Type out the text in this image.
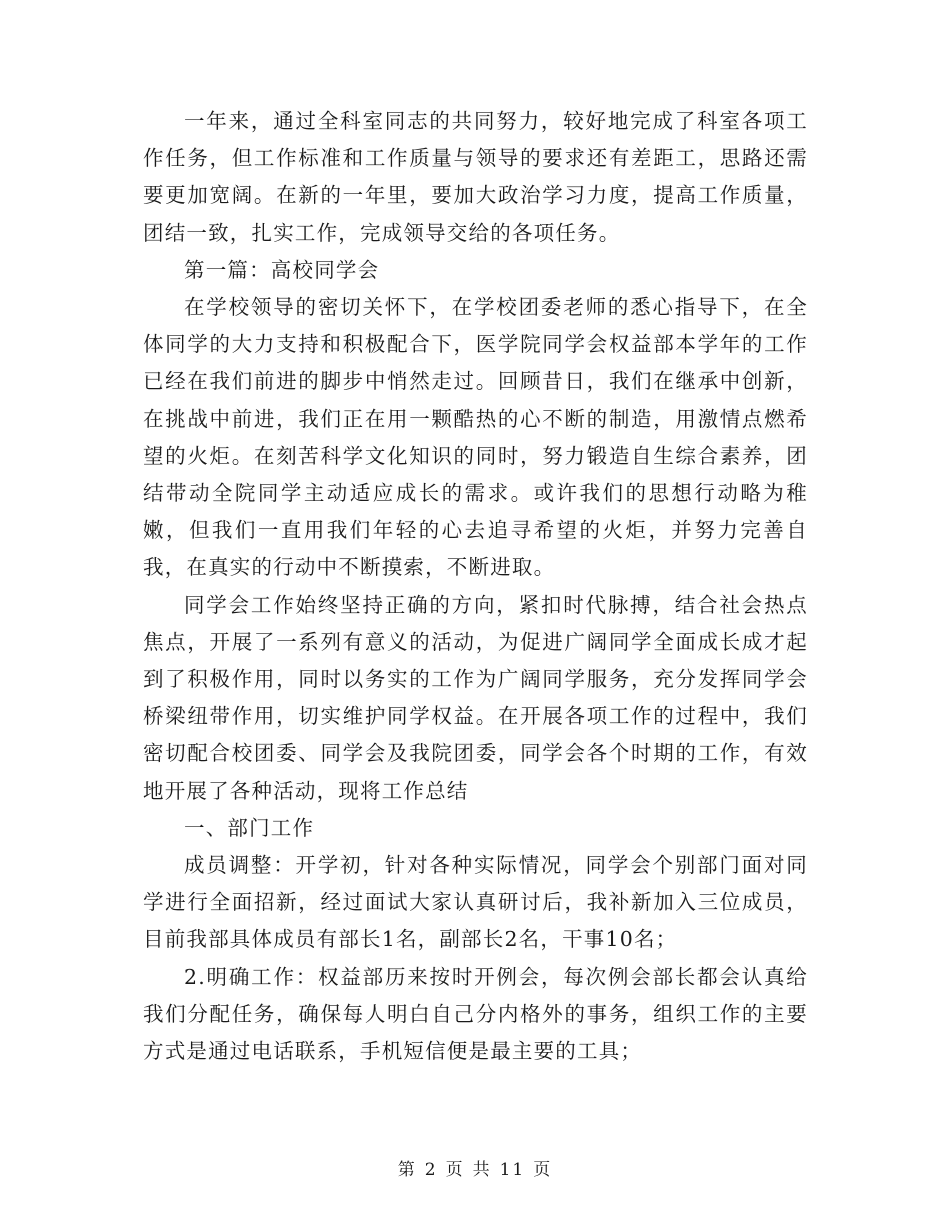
一年来，通过全科室同志的共同努力，较好地完成了科室各项工作任务，但工作标准和工作质量与领导的要求还有差距工，思路还需要更加宽阔。在新的一年里，要加大政治学习力度，提高工作质量，团结一致，扎实工作，完成领导交给的各项任务。

第一篇：高校同学会

在学校领导的密切关怀下，在学校团委老师的悉心指导下，在全体同学的大力支持和积极配合下，医学院同学会权益部本学年的工作已经在我们前进的脚步中悄然走过。回顾昔日，我们在继承中创新，在挑战中前进，我们正在用一颗酷热的心不断的制造，用激情点燃希望的火炬。在刻苦科学文化知识的同时，努力锻造自生综合素养，团结带动全院同学主动适应成长的需求。或许我们的思想行动略为稚嫩，但我们一直用我们年轻的心去追寻希望的火炬，并努力完善自我，在真实的行动中不断摸索，不断进取。

同学会工作始终坚持正确的方向，紧扣时代脉搏，结合社会热点焦点，开展了一系列有意义的活动，为促进广阔同学全面成长成才起到了积极作用，同时以务实的工作为广阔同学服务，充分发挥同学会桥梁纽带作用，切实维护同学权益。在开展各项工作的过程中，我们密切配合校团委、同学会及我院团委，同学会各个时期的工作，有效地开展了各种活动，现将工作总结

一、部门工作

成员调整：开学初，针对各种实际情况，同学会个别部门面对同学进行全面招新，经过面试大家认真研讨后，我补新加入三位成员，目前我部具体成员有部长1名，副部长2名，干事10名；

2.明确工作：权益部历来按时开例会，每次例会部长都会认真给我们分配任务，确保每人明白自己分内格外的事务，组织工作的主要方式是通过电话联系，手机短信便是最主要的工具；

第 2 页 共 11 页
